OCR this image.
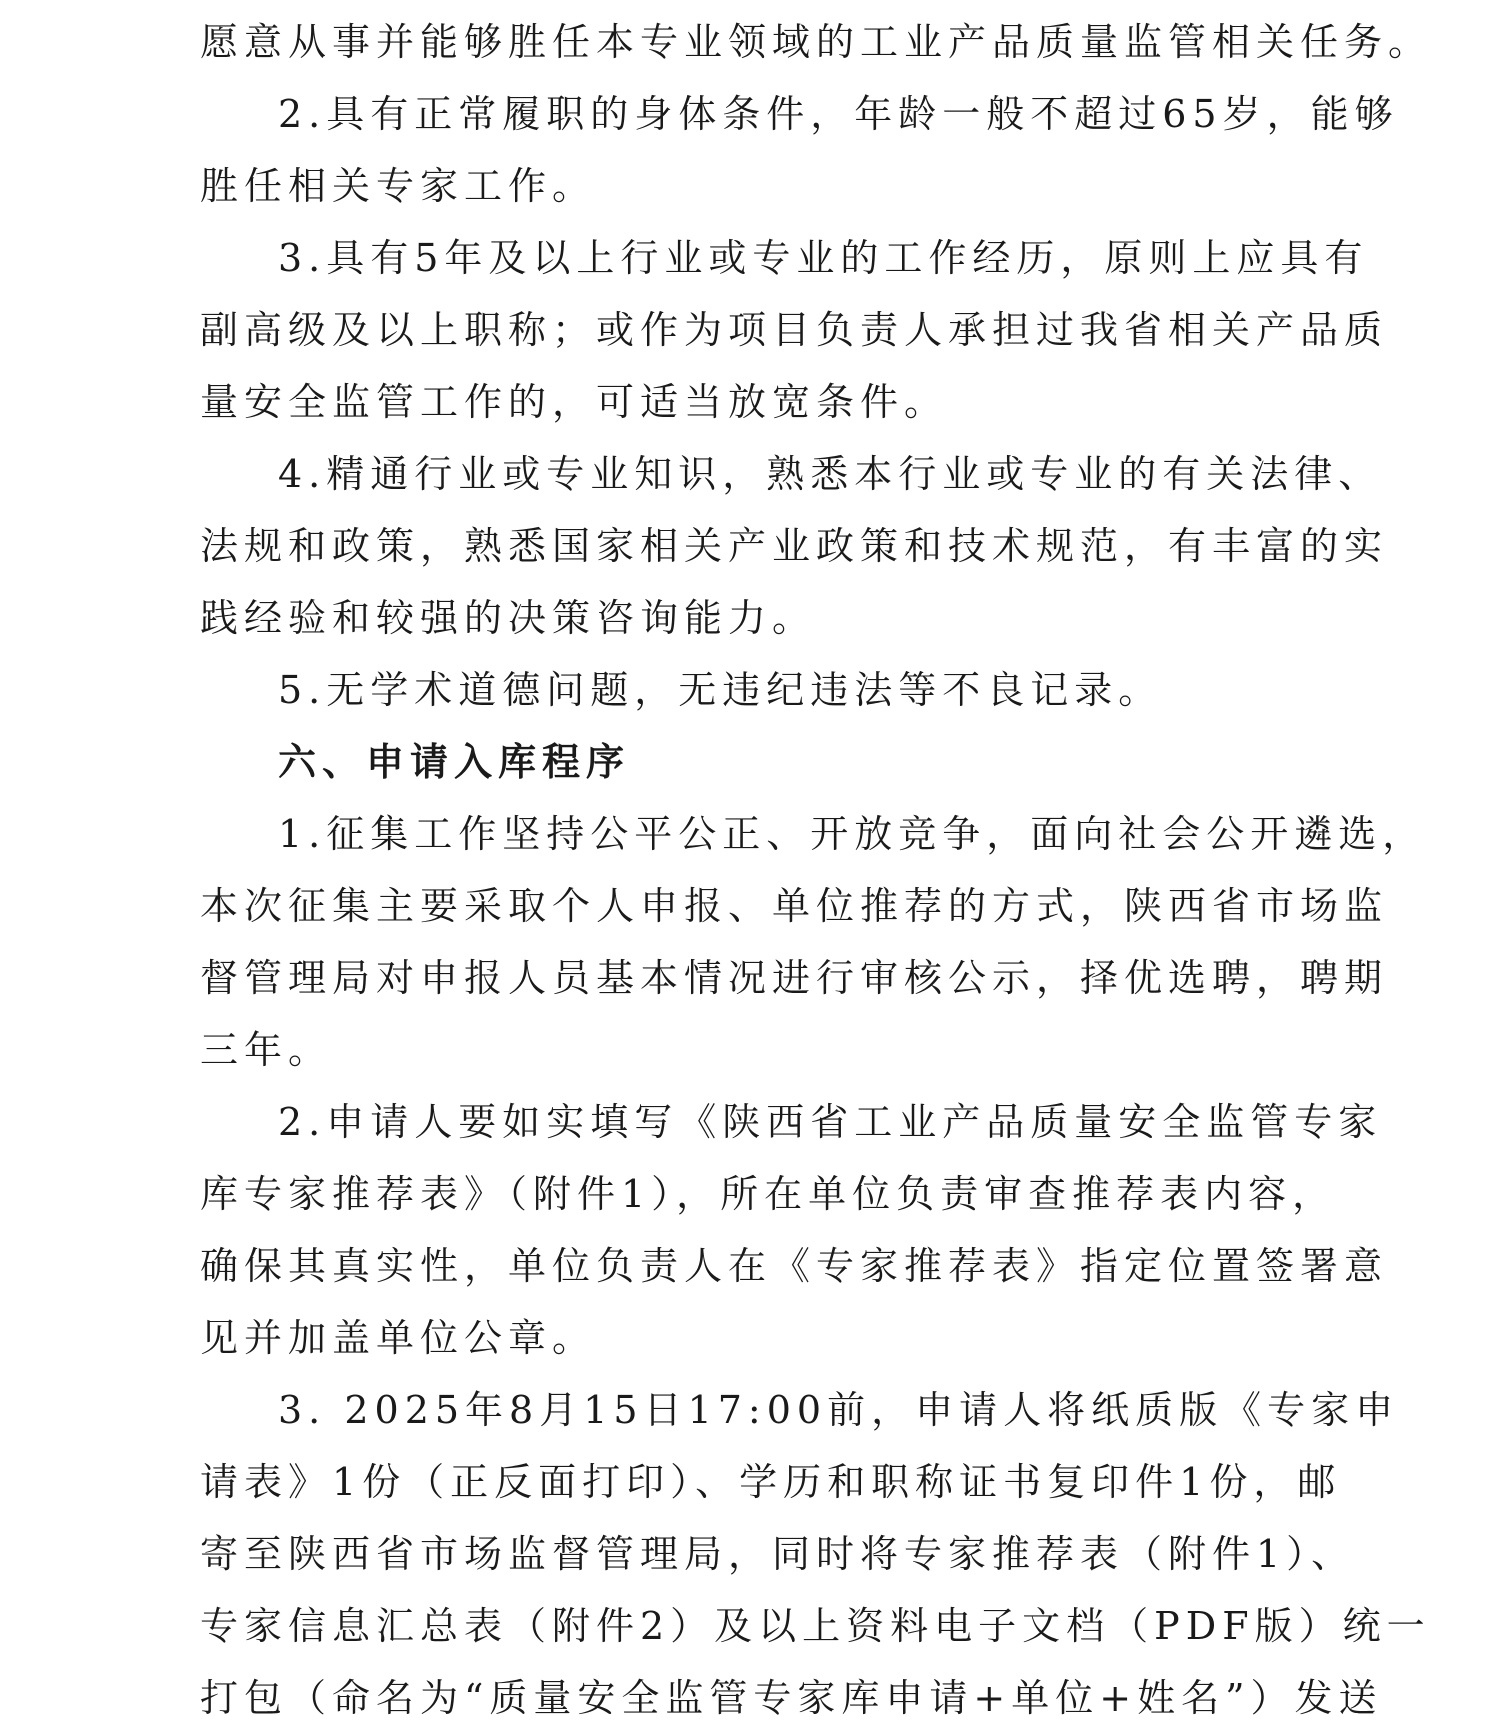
愿意从事并能够胜任本专业领域的工业产品质量监管相关任务。

2.具有正常履职的身体条件，年龄一般不超过65岁，能够
胜任相关专家工作。

3.具有5年及以上行业或专业的工作经历，原则上应具有
副高级及以上职称；或作为项目负责人承担过我省相关产品质
量安全监管工作的，可适当放宽条件。

4.精通行业或专业知识，熟悉本行业或专业的有关法律、
法规和政策，熟悉国家相关产业政策和技术规范，有丰富的实
践经验和较强的决策咨询能力。

5.无学术道德问题，无违纪违法等不良记录。

六、申请入库程序

1.征集工作坚持公平公正、开放竞争，面向社会公开遴选，
本次征集主要采取个人申报、单位推荐的方式，陕西省市场监
督管理局对申报人员基本情况进行审核公示，择优选聘，聘期
三年。

2.申请人要如实填写《陕西省工业产品质量安全监管专家
库专家推荐表》（附件1），所在单位负责审查推荐表内容，
确保其真实性，单位负责人在《专家推荐表》指定位置签署意
见并加盖单位公章。

3. 2025年8月15日17:00前，申请人将纸质版《专家申
请表》1份（正反面打印）、学历和职称证书复印件1份，邮
寄至陕西省市场监督管理局，同时将专家推荐表（附件1）、
专家信息汇总表（附件2）及以上资料电子文档（PDF版）统一
打包（命名为“质量安全监管专家库申请+单位+姓名”）发送
